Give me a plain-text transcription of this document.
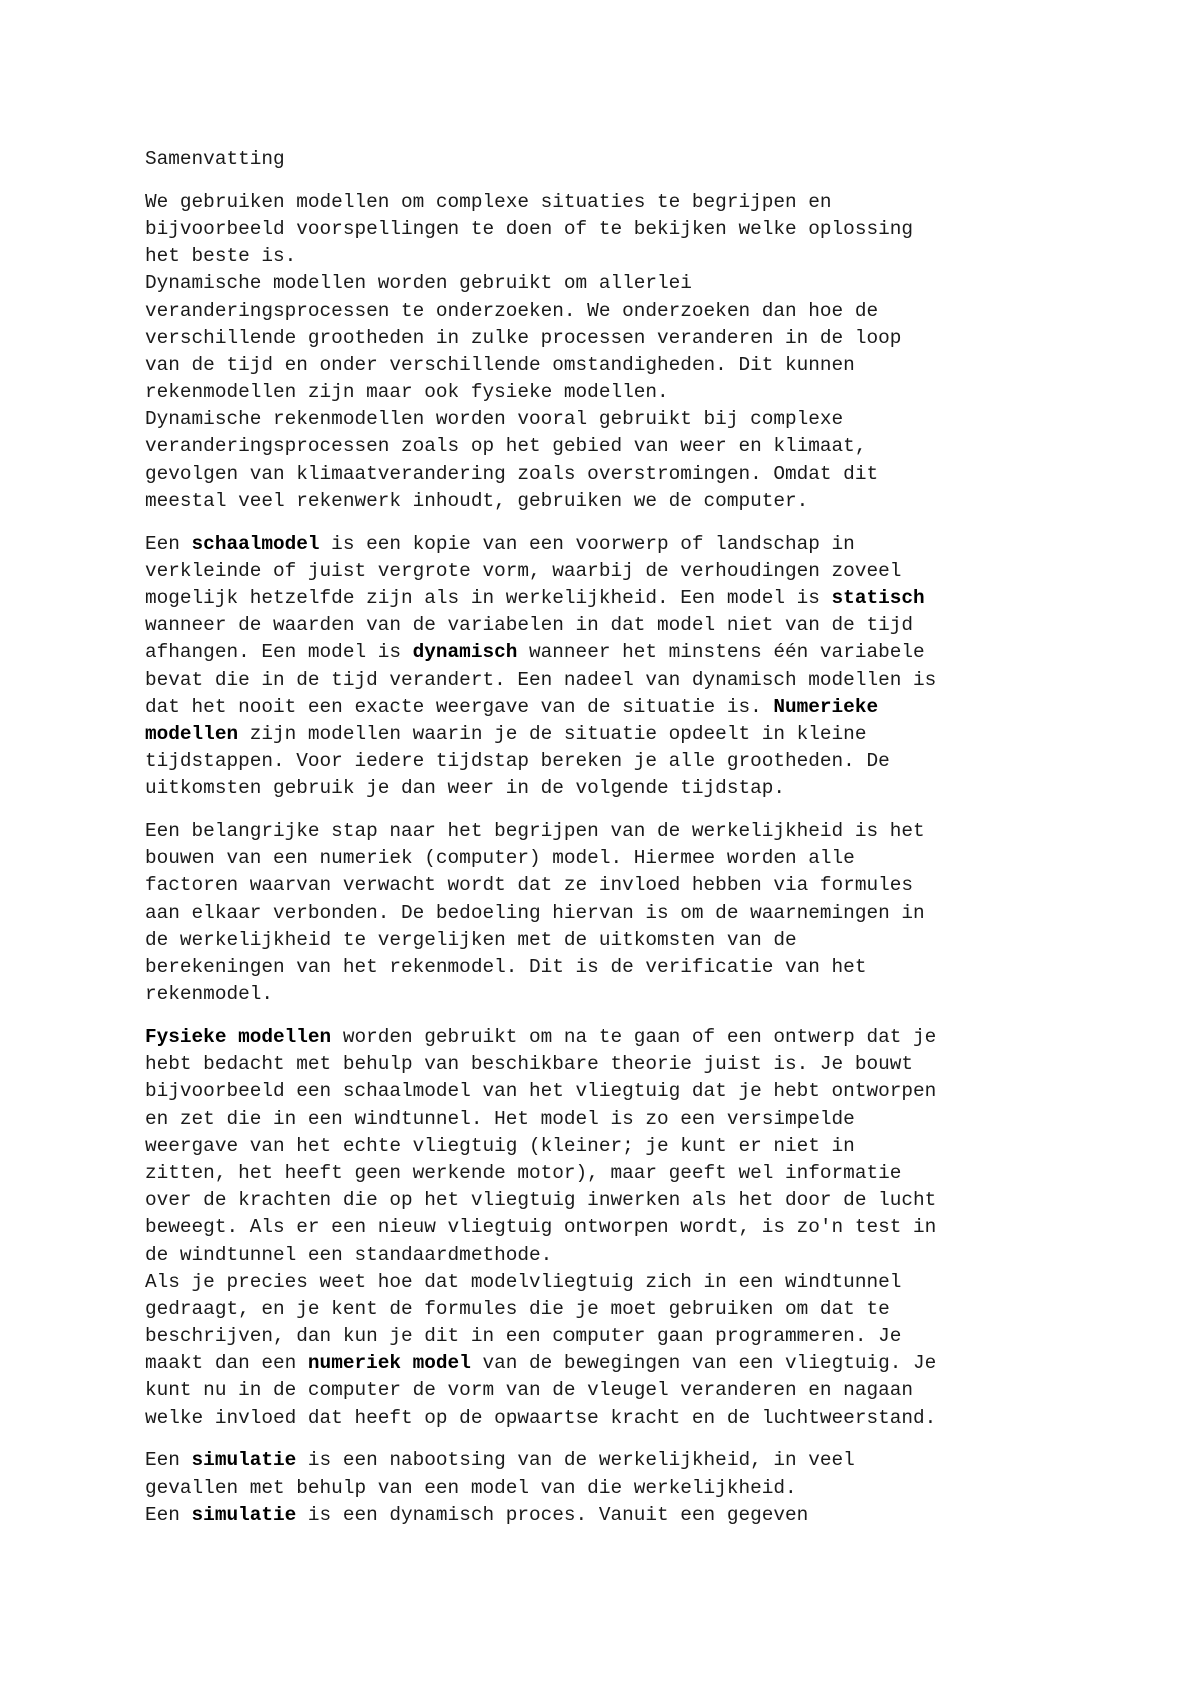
Samenvatting
We gebruiken modellen om complexe situaties te begrijpen en
bijvoorbeeld voorspellingen te doen of te bekijken welke oplossing
het beste is.
Dynamische modellen worden gebruikt om allerlei
veranderingsprocessen te onderzoeken. We onderzoeken dan hoe de
verschillende grootheden in zulke processen veranderen in de loop
van de tijd en onder verschillende omstandigheden. Dit kunnen
rekenmodellen zijn maar ook fysieke modellen.
Dynamische rekenmodellen worden vooral gebruikt bij complexe
veranderingsprocessen zoals op het gebied van weer en klimaat,
gevolgen van klimaatverandering zoals overstromingen. Omdat dit
meestal veel rekenwerk inhoudt, gebruiken we de computer.
Een schaalmodel is een kopie van een voorwerp of landschap in
verkleinde of juist vergrote vorm, waarbij de verhoudingen zoveel
mogelijk hetzelfde zijn als in werkelijkheid. Een model is statisch
wanneer de waarden van de variabelen in dat model niet van de tijd
afhangen. Een model is dynamisch wanneer het minstens één variabele
bevat die in de tijd verandert. Een nadeel van dynamisch modellen is
dat het nooit een exacte weergave van de situatie is. Numerieke
modellen zijn modellen waarin je de situatie opdeelt in kleine
tijdstappen. Voor iedere tijdstap bereken je alle grootheden. De
uitkomsten gebruik je dan weer in de volgende tijdstap.
Een belangrijke stap naar het begrijpen van de werkelijkheid is het
bouwen van een numeriek (computer) model. Hiermee worden alle
factoren waarvan verwacht wordt dat ze invloed hebben via formules
aan elkaar verbonden. De bedoeling hiervan is om de waarnemingen in
de werkelijkheid te vergelijken met de uitkomsten van de
berekeningen van het rekenmodel. Dit is de verificatie van het
rekenmodel.
Fysieke modellen worden gebruikt om na te gaan of een ontwerp dat je
hebt bedacht met behulp van beschikbare theorie juist is. Je bouwt
bijvoorbeeld een schaalmodel van het vliegtuig dat je hebt ontworpen
en zet die in een windtunnel. Het model is zo een versimpelde
weergave van het echte vliegtuig (kleiner; je kunt er niet in
zitten, het heeft geen werkende motor), maar geeft wel informatie
over de krachten die op het vliegtuig inwerken als het door de lucht
beweegt. Als er een nieuw vliegtuig ontworpen wordt, is zo'n test in
de windtunnel een standaardmethode.
Als je precies weet hoe dat modelvliegtuig zich in een windtunnel
gedraagt, en je kent de formules die je moet gebruiken om dat te
beschrijven, dan kun je dit in een computer gaan programmeren. Je
maakt dan een numeriek model van de bewegingen van een vliegtuig. Je
kunt nu in de computer de vorm van de vleugel veranderen en nagaan
welke invloed dat heeft op de opwaartse kracht en de luchtweerstand.
Een simulatie is een nabootsing van de werkelijkheid, in veel
gevallen met behulp van een model van die werkelijkheid.
Een simulatie is een dynamisch proces. Vanuit een gegeven
